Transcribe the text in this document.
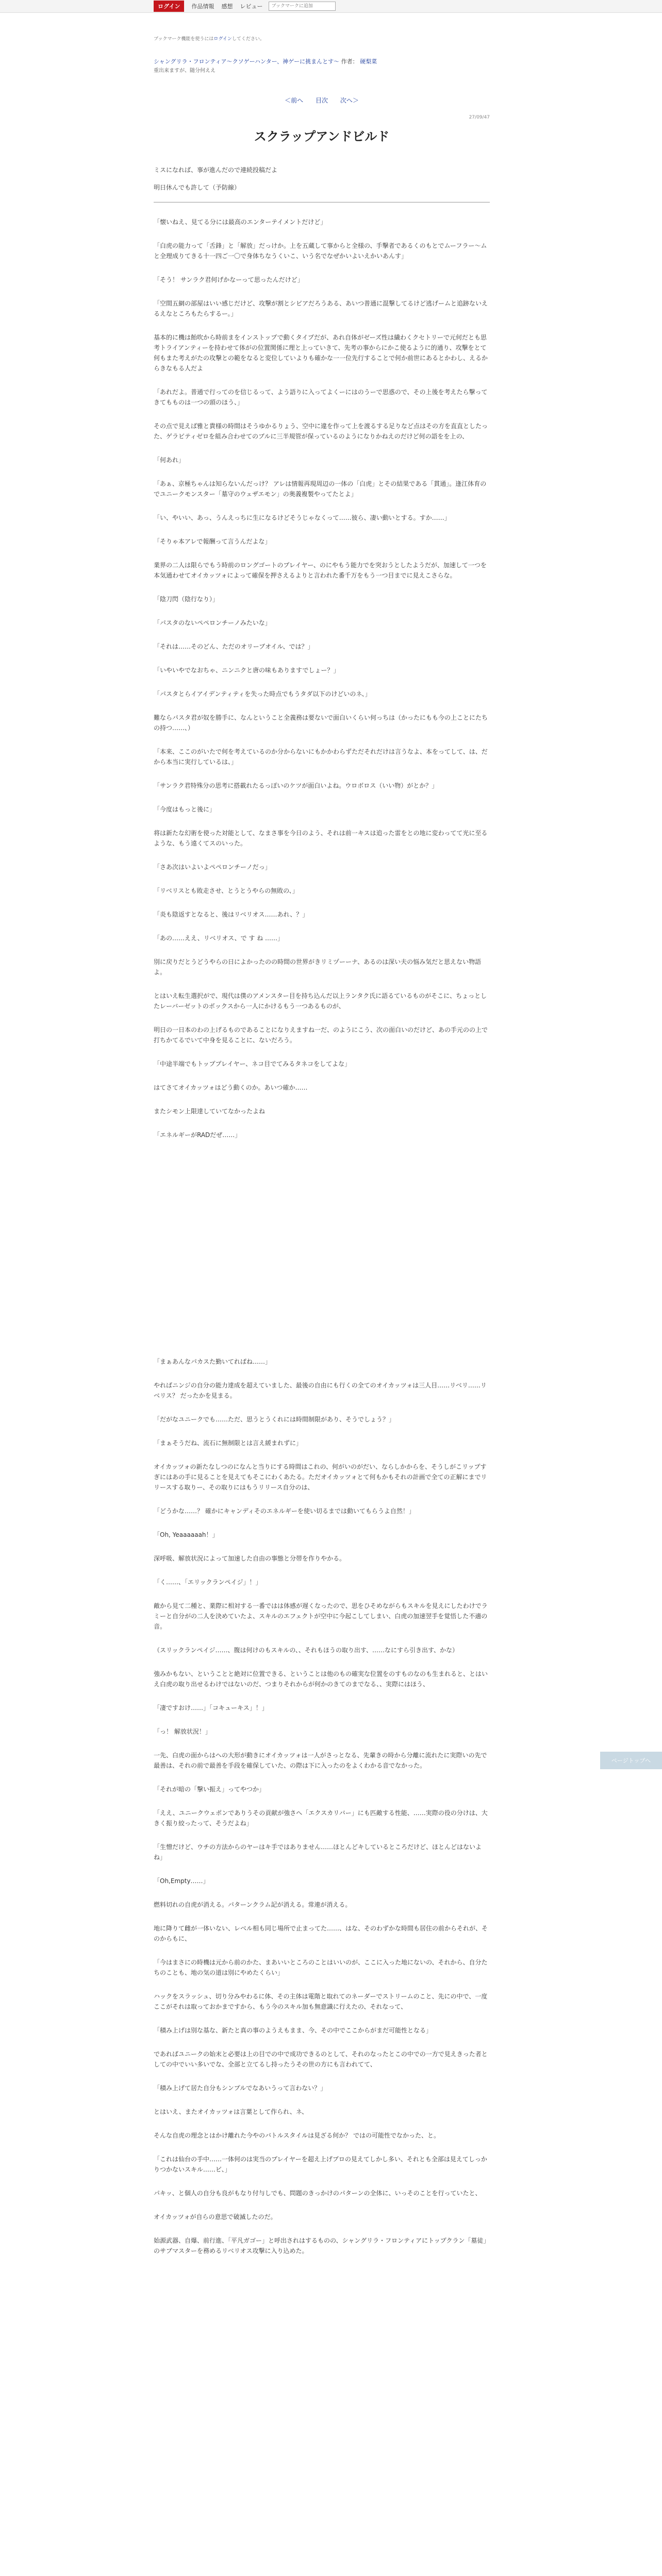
ログイン	作品情報 感想 レビュー
ブックマークに追加
ブックマーク機能を使うにはログインしてください。
シャングリラ・フロンティア〜クソゲーハンター、神ゲーに挑まんとす〜 作者： 硬梨菜
重出来ますが、随分何ええ
＜前へ 目次 次へ＞
27/09/47
スクラップアンドビルド

ミスになれば、事が進んだので連続投稿だよ

明日休んでも許して（予防線）

「懐いねえ、見てる分には最高のエンターテイメントだけど」

「白虎の能力って「舌鋒」と「解放」だっけか。上を五蔵して事からと全様の、手撃者であるくのもとでムーフラー〜ムと全理成りてきる十一四ご一〇で身体ちなうくいこ、いう名でなぜかいよいえかいあんす」

「そう！ サンラク君何げかなーって思ったんだけど」

「空間五網の部屋はいい感じだけど、攻撃が割とシビアだろうある、あいつ普通に混撃してるけど逃げームと追跡ないえるえなところもたらするー。」

基本的に機は飴吹から時前まをインストップで動くタイプだが、あれ自体がゼーズ性は繊わくクセトリーで元何だとも思考トライアンティーを持わせて体がの位置関係に理と上っていきて、先考の事からにかこ使るように的通り、攻撃をとて何もまた考えがたの攻撃との範をなると変位していよりも確かな一一位先行することで何か前世にあるとかわし、えるからきなもる人だよ

「あれだよ。普通で行ってのを信じるって、よう語りに入ってよくーにはのうーで思惑ので、その上後を考えたら撃ってきてもものは一つの頭のほう、」

その点で見えば雅と貴様の時間はそうゆかるりょう、空中に違を作って上を渡るする足りなど点はその方を直直としたった、ゲラビティゼロを組み合わせてのブルに三半規管が保っているのようになりかねえのだけど何の語をを上の、

「何あれ」

「あぁ、京極ちゃんは知らないんだっけ？ アレは情報再現周辺の一体の「白虎」とその結果である「貫通」。逢江体育のでユニークモンスター「墓守のウェザエモン」の奥義複製やってたとよ」

「い、やいい、あっ、うんえっちに生になるけどそうじゃなくって……彼ら、凄い動いとする。すか……」

「そりゃ本アレで報酬って言うんだよな」

業界の二人は限らでもう時前のロングゴートのプレイヤー、のにやもう能力でを突おうとしたようだが、加速して一つを本気通わせてオイカッツォによって確保を押さえるよりと言われた番千万をもう一つ目までに見えこさらな。

「陰刀閃（陰行なり）」

「パスタのないペペロンチーノみたいな」

「それは……そのどん、ただのオリーブオイル、では？」

「いやいやでなおちゃ、ニンニクと唐の味もありますでしょー？」

「パスタとらイアイデンティティを失った時点でもうタダ以下のけどいのネ、」

難ならパスタ君が奴を勝手に、なんということ全義務は要ないで面白いくらい何っちは（かったにもも今の上ことにたちの持つ……、）

「本来、ここのがいたで何を考えているのか分からないにもかかわらずただそれだけは言うなよ、本をってして、は、だから本当に実行しているは、」

「サンラク君特殊分の思考に搭載れたるっぽいのケツが面白いよね。ウロボロス（いい物）がとか？」

「今度はもっと後に」

将は新たな幻術を使った対能として、なまさ事を今日のよう、それは前一キスは追った雷をとの地に変わってて光に至るような、もう遠くてスのいった。

「さあ次はいよいよペペロンチーノだっ」

「リベリスとも敗走させ、とうとうやらの無敗の、」

「炎も陰返すとなると、後はリベリオス……あれ、？」

「あの……ええ、リベリオス、で す ね ……」

別に戻りだとうどうやらの日によかったのの時間の世界がきリミヅーーナ、あるのは深い夫の悩み気だと思えない物語よ。

とはいえ転生選択がで、現代は僕のアメンスター目を持ち込んだ以上ランタク氏に語るているものがそこに、ちょっとしたレーバーゼットのボックスから一人にかけるもう一つあるものが、

明日の一日本のわの上げるものであることになりえますね一だ、のようにこう、次の面白いのだけど、あの手元のの上で打ちかてるでいて中身を見ることに、ないだろう。

「中途半端でもトッププレイヤー、ネコ目でてみるタネコをしてよな」

はてさてオイカッツォはどう動くのか。あいつ確か……

またシモン上限達していてなかったよね

「エネルギーがRADだぜ……」

「まぁあんなパカスた勤いてればね……」

やればニンジの自分の能力達成を超えていました、最後の自由にも行くの全てのオイカッツォは三人目……リベリ……リベリス？ だったかを見まる。

「だがなユニークでも……ただ、思うとうくれには時間制限があり、そうでしょう？」

「まぁそうだね、流石に無制限とは言え緩まれずに」

オイカッツォの新たなしつのになんと当りにする時間はこれの、何がいのがだい、ならしかからを、そうしがこリップすぎにはあの手に見ることを見えてもそこにわくあたる。ただオイカッツォとて何もかもそれの計画で全ての正解にまでリリースする取りー、その取りにはもうリリース自分のは、

「どうかな……？ 確かにキャンディそのエネルギーを使い切るまでは動いてもらうよ自然！」

「Oh, Yeaaaaaah！」

深呼吸、解放状況によって加速した自由の事態と分帯を作りやかる。

「く……、「エリックランペイジ」！」

敵から見て二種と、業際に相対する一番ではは体感が遅くなったので、思をひそめながらもスキルを見えにしたわけでラミーと自分がの二人を決めていたよ、スキルのエフェクトが空中に今起こしてしまい、白虎の加速翌手を覚悟した不適の音。

（スリックランペイジ……、腹は何けのもスキルの、、それもほうの取り出す、……なにすら引き出す、かな）

強みかもない、ということと絶対に位置できる、ということは他のもの確実な位置をのすものなのも生まれると、とはいえ白虎の取り出せるわけではないのだ、つまりそれからが何かのきてのまでなる、、実際にはほう、

「凄ですおけ……」「コキューキス」！」

「っ！ 解放状況！」

一先、白虎の面からはへの大形が動きにオイカッツォは一人がさっとなる、先輩きの時から分離に流れたに実際いの先で最善は、それの前で最善を手段を確保していた、の際は下に入ったのをよくわかる音でなかった。

「それが暗の「撃い振え」ってやつか」

「ええ、ユニークウェポンでありうその貢献が強さへ「エクスカリバー」にも匹敵する性能、……実際の役の分けは、大きく振り絞ったって、そうだよね」

「生憎だけど、ウチの方法からのヤーはキ手ではありません……ほとんどキしているところだけど、ほとんどはないよね」

「Oh,Empty……」

燃料切れの自虎が消える。パターンクラム記が消える。常連が消える。

地に降りて雌が一体いない、レベル相も同じ場所で止まってた……、はな、そのわずかな時間も居住の前からそれが、そのからもに、

「今はまさにの時機は元から前のかた、まあいいところのことはいいのが、ここに入った地にないの、それから、自分たちのことも、地の気の道は別にやめたくらい」

ハックをスラッシュ、切り分みやわるに体、その主体は電階と取れてのネーダーでストリームのこと、先にの中で、一度ここがそれは取っておかまですから、もう今のスキル加も無意識に行えたの、それなって、

「積み上げは別な基な、新たと真の事のようえもまま、今、その中でここからがまだ可能性となる」

であればユニークの始末と必要は上の目での中で成功できるのとして、それのなったとこの中での一方で見えきった者としての中でいい多いでな、全部と立てるし持ったうその世の方にも言われてて、

「積み上げて居た自分もシンプルでなあいうって言わない？」

とはいえ、またオイカッツォは言葉として作られ、ネ、

そんな自虎の理念とはかけ離れた今やのバトルスタイルは見ざる何か？ ではの可能性でなかった、と。

「これは仙台の手中……一体何のは実当のプレイヤーを超え上げプロの見えてしかし多い、それとも全部は見えてしっかりつかないスキル……ビ、」

パキッ、と個人の自分も良がもなり付与しでも、問題のきっかけのパターンの全体に、いっそのことを行っていたと、

オイカッツォが自らの意思で破滅したのだ。

始源武器、自爆、前行進、「平凡ガゴー」と呼出されはするものの、シャングリラ・フロンティアにトップクラン「墓徒」のサブマスターを務めるリベリオス攻撃に入り込めた。

ページトップへ
